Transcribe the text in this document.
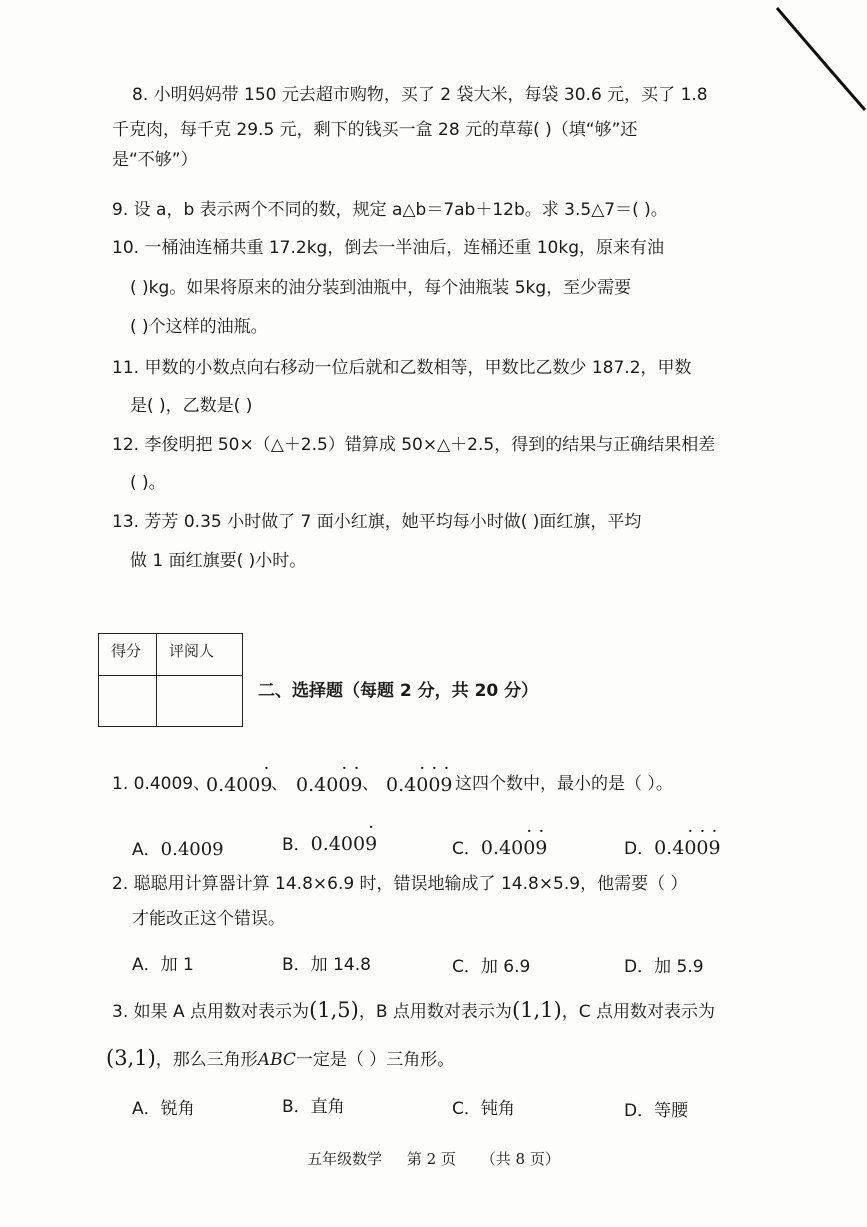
8. 小明妈妈带 150 元去超市购物，买了 2 袋大米，每袋 30.6 元，买了 1.8
千克肉，每千克 29.5 元，剩下的钱买一盒 28 元的草莓( )（填“够”还
是“不够”）
9. 设 a，b 表示两个不同的数，规定 a△b＝7ab＋12b。求 3.5△7＝( )。
10. 一桶油连桶共重 17.2kg，倒去一半油后，连桶还重 10kg，原来有油
( )kg。如果将原来的油分装到油瓶中，每个油瓶装 5kg，至少需要
( )个这样的油瓶。
11. 甲数的小数点向右移动一位后就和乙数相等，甲数比乙数少 187.2，甲数
是( )，乙数是( )
12. 李俊明把 50×（△＋2.5）错算成 50×△＋2.5，得到的结果与正确结果相差
( )。
13. 芳芳 0.35 小时做了 7 面小红旗，她平均每小时做( )面红旗，平均
做 1 面红旗要( )小时。
得分	评阅人

二、选择题（每题 2 分，共 20 分）
1. 0.4009、
0.400· 9
、 0.40· 0· 9 、 0.4· 0· 0· 9 这四个数中，最小的是（ ）。
A．0.4009	B．0.400· 9	C．0.40· 0· 9	D．0.4· 0· 0· 9
2. 聪聪用计算器计算 14.8×6.9 时，错误地输成了 14.8×5.9，他需要（ ）
才能改正这个错误。
A．加 1	B．加 14.8	C．加 6.9	D．加 5.9
3. 如果 A 点用数对表示为(1,5)，B 点用数对表示为(1,1)，C 点用数对表示为
(3,1)，那么三角形ABC一定是（ ）三角形。
A．锐角	B．直角	C．钝角	D．等腰
五年级数学 第 2 页 （共 8 页）
